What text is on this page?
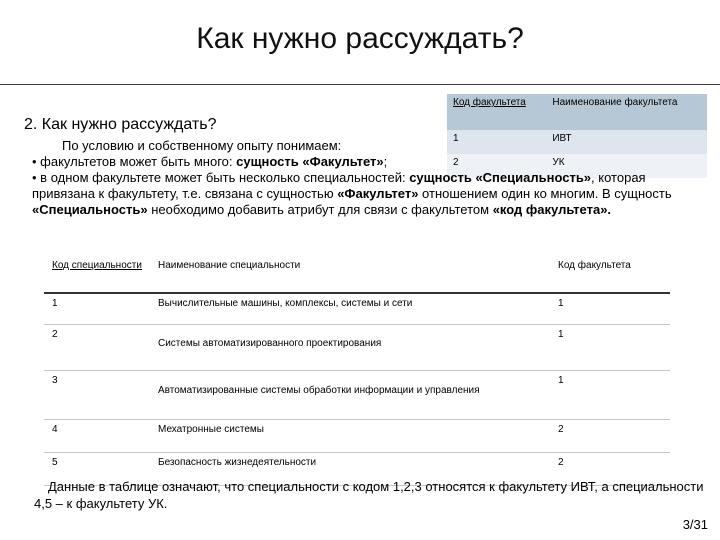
Как нужно рассуждать?
2. Как нужно рассуждать?
Код факультета	Наименование факультета
1	ИВТ
2	УК

По условию и собственному опыту понимаем:

• факультетов может быть много: сущность «Факультет»;

• в одном факультете может быть несколько специальностей: сущность «Специальность», которая привязана к факультету, т.е. связана с сущностью «Факультет» отношением один ко многим. В сущность «Специальность» необходимо добавить атрибут для связи с факультетом «код факультета».

Код специальности	Наименование специальности	Код факультета
1	Вычислительные машины, комплексы, системы и сети	1
2	Системы автоматизированного проектирования	1
3	Автоматизированные системы обработки информации и управления	1
4	Мехатронные системы	2
5	Безопасность жизнедеятельности	2
Данные в таблице означают, что специальности с кодом 1,2,3 относятся к факультету ИВТ, а специальности 4,5 – к факультету УК.
3/31
